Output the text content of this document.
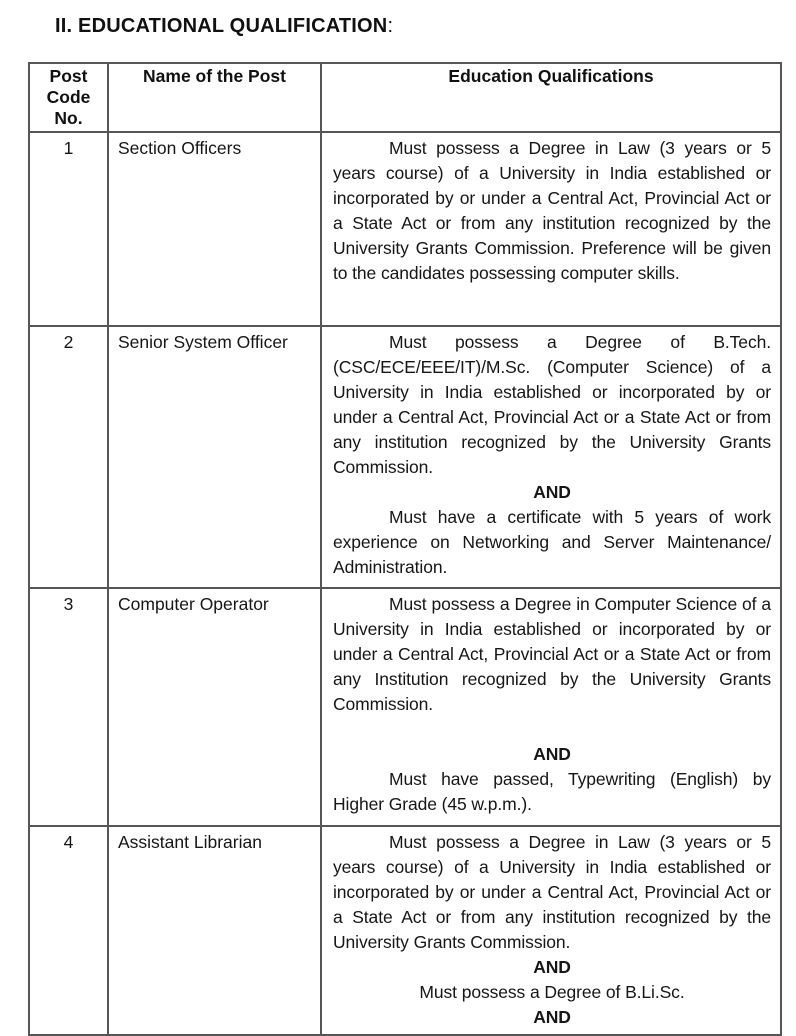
II. EDUCATIONAL QUALIFICATION:
Post Code No.	Name of the Post	Education Qualifications
1	Section Officers	Must possess a Degree in Law (3 years or 5 years course) of a University in India established or incorporated by or under a Central Act, Provincial Act or a State Act or from any institution recognized by the University Grants Commission. Preference will be given to the candidates possessing computer skills.

2	Senior System Officer	Must possess a Degree of B.Tech. (CSC/ECE/EEE/IT)/M.Sc. (Computer Science) of a University in India established or incorporated by or under a Central Act, Provincial Act or a State Act or from any institution recognized by the University Grants Commission.

AND

Must have a certificate with 5 years of work experience on Networking and Server Maintenance/ Administration.

3	Computer Operator	Must possess a Degree in Computer Science of a University in India established or incorporated by or under a Central Act, Provincial Act or a State Act or from any Institution recognized by the University Grants Commission.

AND

Must have passed, Typewriting (English) by Higher Grade (45 w.p.m.).

4	Assistant Librarian	Must possess a Degree in Law (3 years or 5 years course) of a University in India established or incorporated by or under a Central Act, Provincial Act or a State Act or from any institution recognized by the University Grants Commission.

AND

Must possess a Degree of B.Li.Sc.

AND
